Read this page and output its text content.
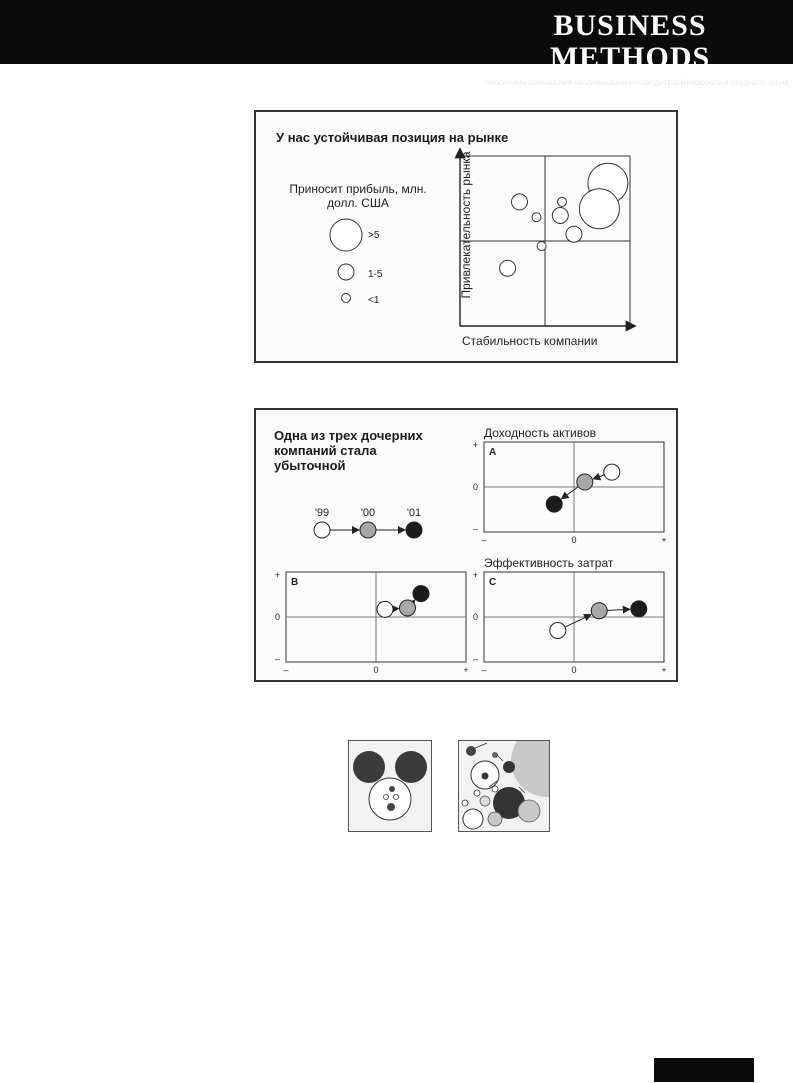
BUSINESS METHODS
ПРОГРАММЫ ПОВЫШЕНИЯ КВАЛИФИКАЦИИ РУКОВОДИТЕЛЕЙ НИЗОВОГО И СРЕДНЕГО ЗВЕНА
У нас устойчивая позиция на рынке
Приносит прибыль, млн. долл. США
>5
1-5
<1
Стабильность компании
Привлекательность рынка
Одна из трех дочерних компаний стала убыточной
Доходность активов
Эффективность затрат
'99	'00	'01
A
–	0	+
+
0
–
B
–	0	+
+
0
–
C
–	0	+
+
0
–
